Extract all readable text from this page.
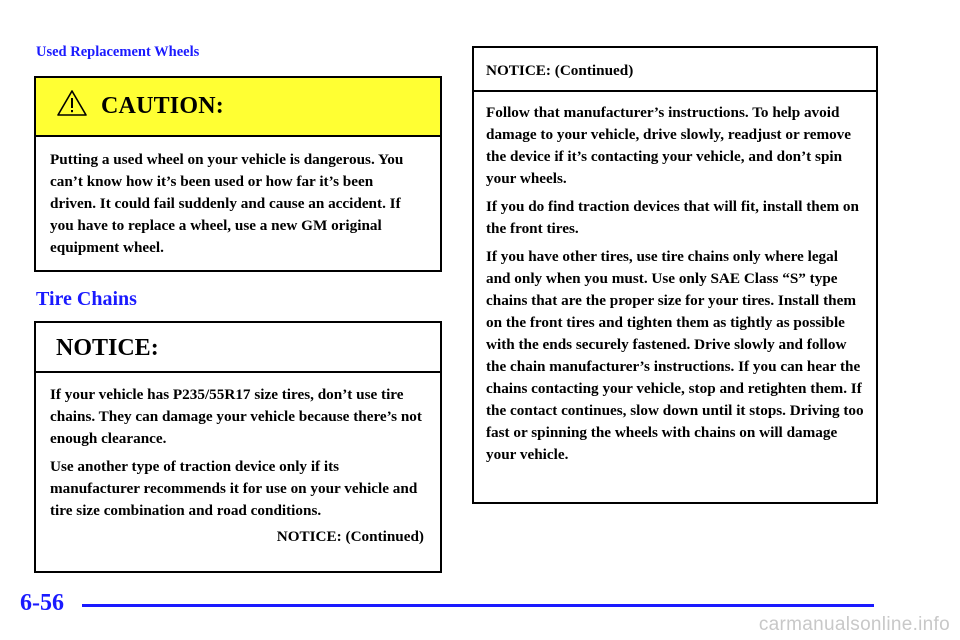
Used Replacement Wheels
CAUTION:

Putting a used wheel on your vehicle is dangerous. You can’t know how it’s been used or how far it’s been driven. It could fail suddenly and cause an accident. If you have to replace a wheel, use a new GM original equipment wheel.

Tire Chains
NOTICE:

If your vehicle has P235/55R17 size tires, don’t use tire chains. They can damage your vehicle because there’s not enough clearance.

Use another type of traction device only if its manufacturer recommends it for use on your vehicle and tire size combination and road conditions.

NOTICE: (Continued)
NOTICE: (Continued)

Follow that manufacturer’s instructions. To help avoid damage to your vehicle, drive slowly, readjust or remove the device if it’s contacting your vehicle, and don’t spin your wheels.

If you do find traction devices that will fit, install them on the front tires.

If you have other tires, use tire chains only where legal and only when you must. Use only SAE Class “S” type chains that are the proper size for your tires. Install them on the front tires and tighten them as tightly as possible with the ends securely fastened. Drive slowly and follow the chain manufacturer’s instructions. If you can hear the chains contacting your vehicle, stop and retighten them. If the contact continues, slow down until it stops. Driving too fast or spinning the wheels with chains on will damage your vehicle.

6-56
carmanualsonline.info
